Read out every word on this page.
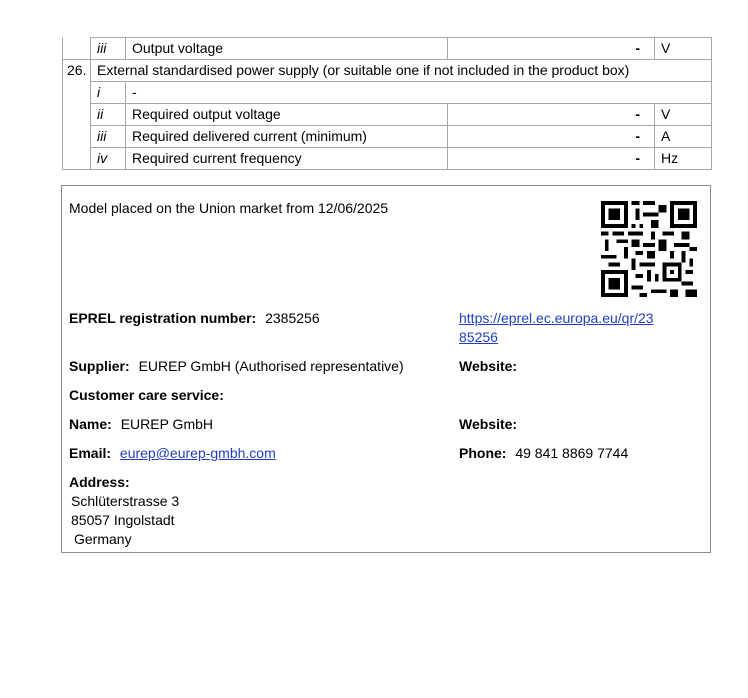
	iii	Output voltage	-	V
26.	External standardised power supply (or suitable one if not included in the product box)			
	i	-		
	ii	Required output voltage	-	V
	iii	Required delivered current (minimum)	-	A
	iv	Required current frequency	-	Hz
Model placed on the Union market from 12/06/2025
EPREL registration number: 2385256	https://eprel.ec.europa.eu/qr/23
85256
Supplier: EUREP GmbH (Authorised representative)	Website:
Customer care service:
Name: EUREP GmbH	Website:
Email: eurep@eurep-gmbh.com	Phone: 49 841 8869 7744
Address:
Schlüterstrasse 3
85057 Ingolstadt
Germany
